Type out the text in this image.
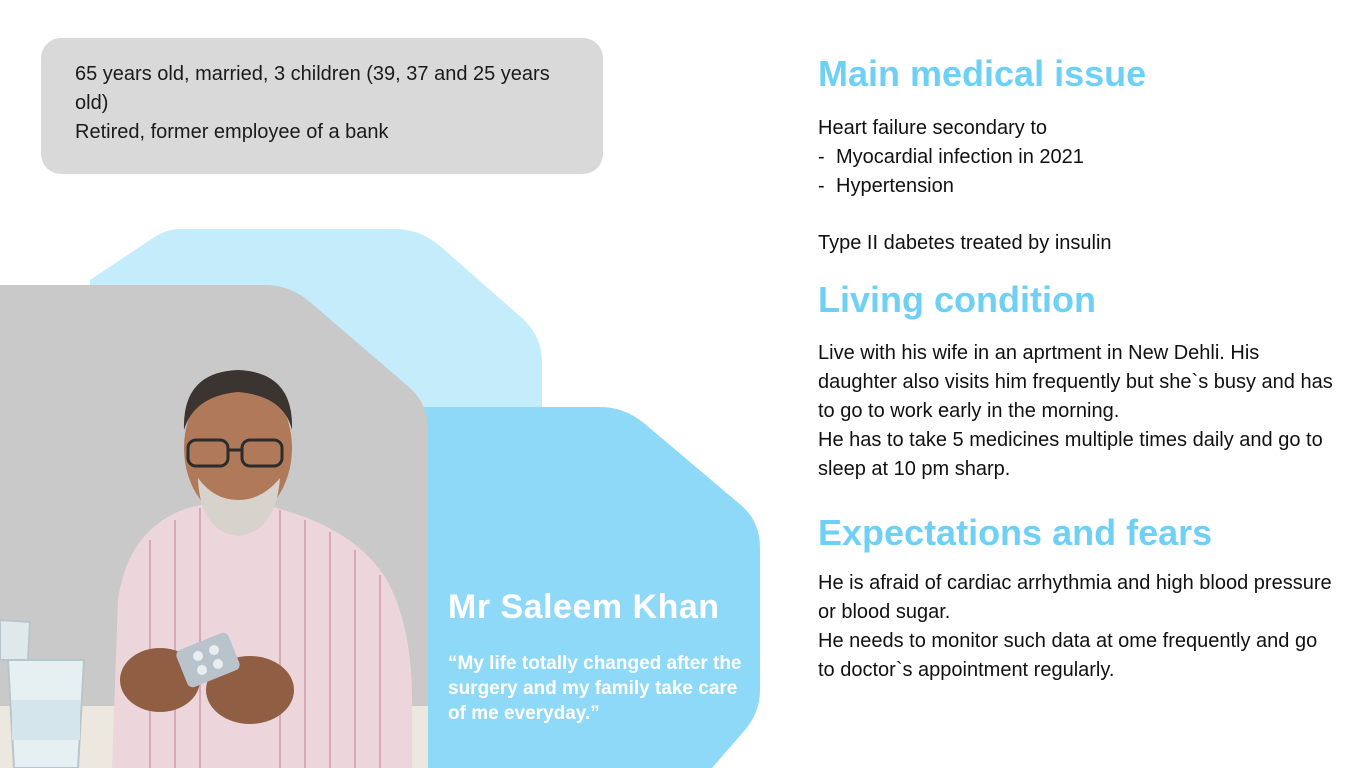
65 years old, married, 3 children (39, 37 and 25 years old)

Retired, former employee of a bank

Mr Saleem Khan

“My life totally changed after the surgery and my family take care of me everyday.”

Main medical issue

Heart failure secondary to

- Myocardial infection in 2021

- Hypertension

Type II dabetes treated by insulin

Living condition

Live with his wife in an aprtment in New Dehli. His daughter also visits him frequently but she`s busy and has to go to work early in the morning.

He has to take 5 medicines multiple times daily and go to sleep at 10 pm sharp.

Expectations and fears

He is afraid of cardiac arrhythmia and high blood pressure or blood sugar.

He needs to monitor such data at ome frequently and go to doctor`s appointment regularly.
